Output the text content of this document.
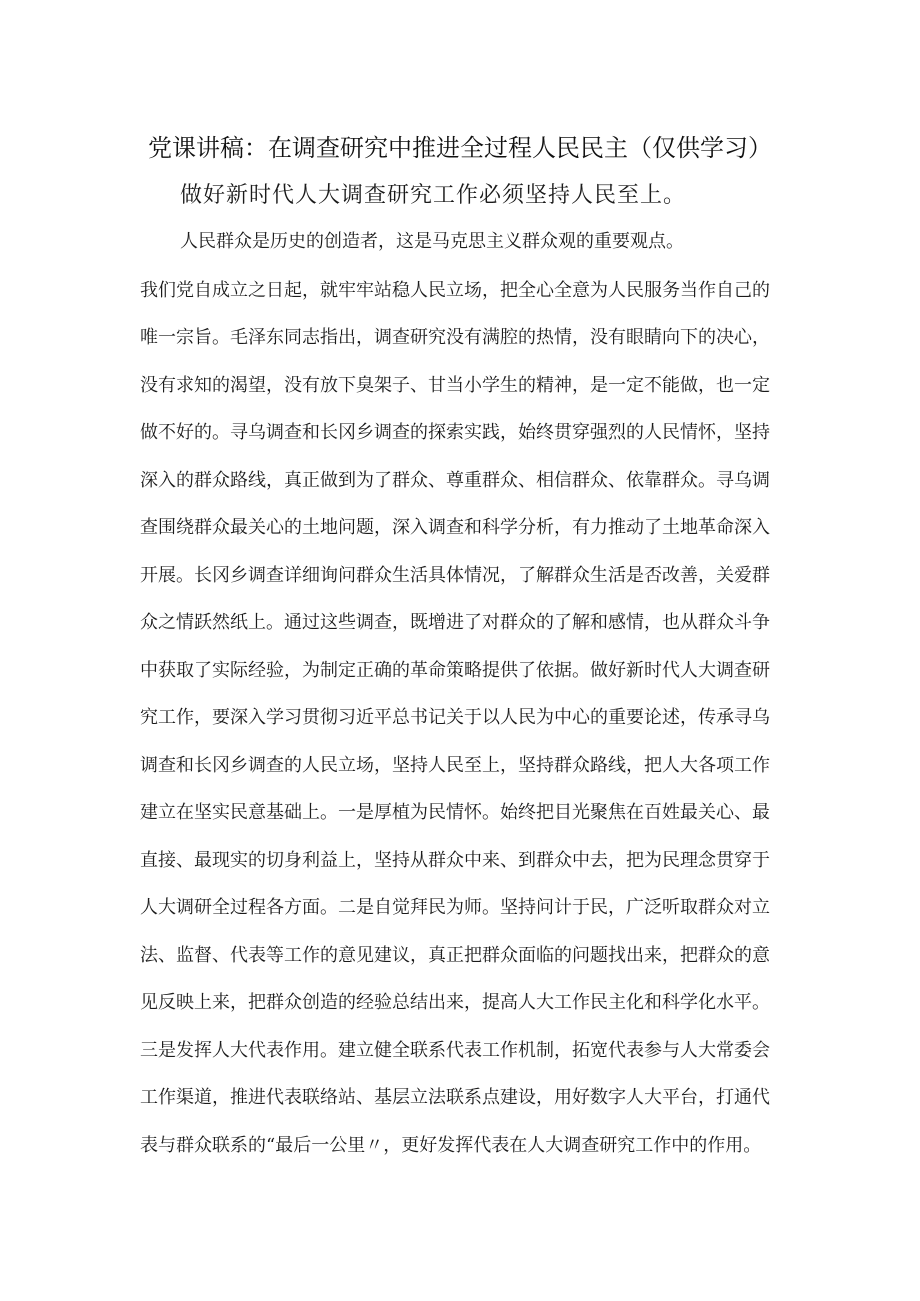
党课讲稿：在调查研究中推进全过程人民民主（仅供学习）

做好新时代人大调查研究工作必须坚持人民至上。

人民群众是历史的创造者，这是马克思主义群众观的重要观点。

我们党自成立之日起，就牢牢站稳人民立场，把全心全意为人民服务当作自己的

唯一宗旨。毛泽东同志指出，调查研究没有满腔的热情，没有眼睛向下的决心，

没有求知的渴望，没有放下臭架子、甘当小学生的精神，是一定不能做，也一定

做不好的。寻乌调查和长冈乡调查的探索实践，始终贯穿强烈的人民情怀，坚持

深入的群众路线，真正做到为了群众、尊重群众、相信群众、依靠群众。寻乌调

查围绕群众最关心的土地问题，深入调查和科学分析，有力推动了土地革命深入

开展。长冈乡调查详细询问群众生活具体情况，了解群众生活是否改善，关爱群

众之情跃然纸上。通过这些调查，既增进了对群众的了解和感情，也从群众斗争

中获取了实际经验，为制定正确的革命策略提供了依据。做好新时代人大调查研

究工作，要深入学习贯彻习近平总书记关于以人民为中心的重要论述，传承寻乌

调查和长冈乡调查的人民立场，坚持人民至上，坚持群众路线，把人大各项工作

建立在坚实民意基础上。一是厚植为民情怀。始终把目光聚焦在百姓最关心、最

直接、最现实的切身利益上，坚持从群众中来、到群众中去，把为民理念贯穿于

人大调研全过程各方面。二是自觉拜民为师。坚持问计于民，广泛听取群众对立

法、监督、代表等工作的意见建议，真正把群众面临的问题找出来，把群众的意

见反映上来，把群众创造的经验总结出来，提高人大工作民主化和科学化水平。

三是发挥人大代表作用。建立健全联系代表工作机制，拓宽代表参与人大常委会

工作渠道，推进代表联络站、基层立法联系点建设，用好数字人大平台，打通代

表与群众联系的“最后一公里〃，更好发挥代表在人大调查研究工作中的作用。
